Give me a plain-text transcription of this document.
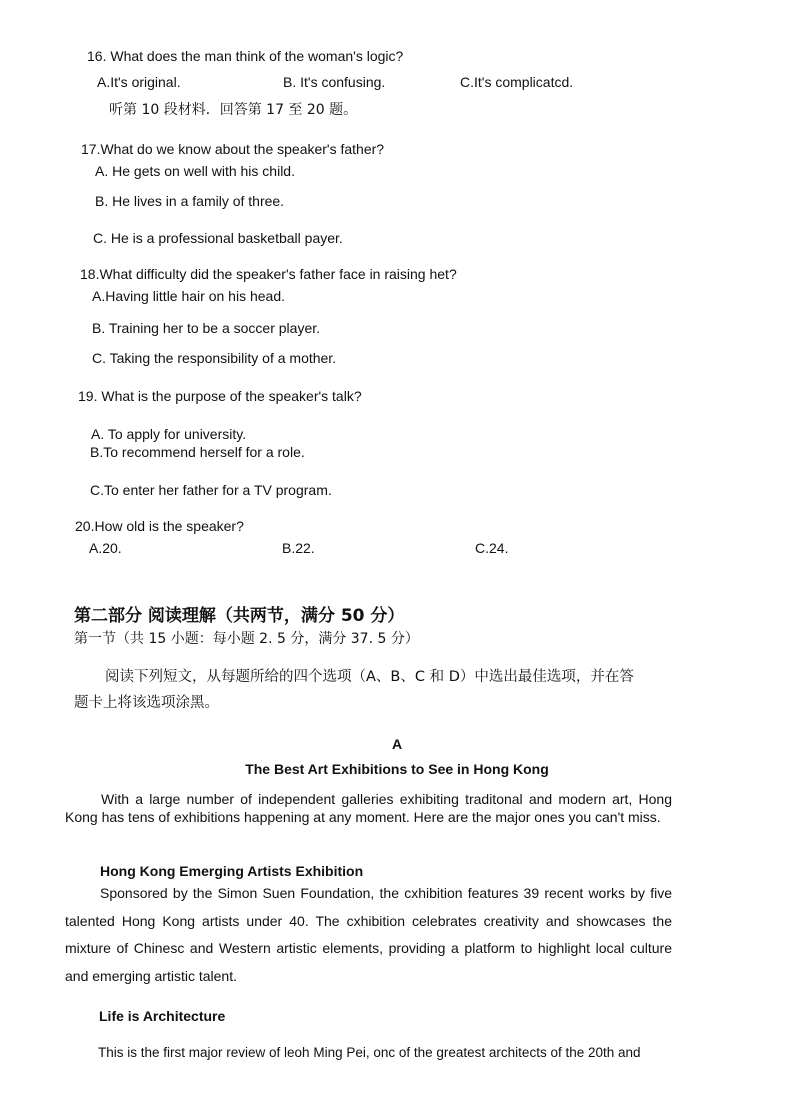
16. What does the man think of the woman's logic?
A.It's original.	B. It's confusing.	C.It's complicatcd.
听第 10 段材料．回答第 17 至 20 题。
17.What do we know about the speaker's father?
A. He gets on well with his child.
B. He lives in a family of three.
C. He is a professional basketball payer.
18.What difficulty did the speaker's father face in raising het?
A.Having little hair on his head.
B. Training her to be a soccer player.
C. Taking the responsibility of a mother.
19. What is the purpose of the speaker's talk?
A. To apply for university.
B.To recommend herself for a role.
C.To enter her father for a TV program.
20.How old is the speaker?
A.20.	B.22.	C.24.
第二部分 阅读理解（共两节，满分 50 分）
第一节（共 15 小题：每小题 2. 5 分，满分 37. 5 分）
阅读下列短文，从每题所给的四个选项（A、B、C 和 D）中选出最佳选项，并在答
题卡上将该选项涂黑。
A
The Best Art Exhibitions to See in Hong Kong

With a large number of independent galleries exhibiting traditonal and modern art, Hong Kong has tens of exhibitions happening at any moment. Here are the major ones you can't miss.

Hong Kong Emerging Artists Exhibition

Sponsored by the Simon Suen Foundation, the cxhibition features 39 recent works by five talented Hong Kong artists under 40. The cxhibition celebrates creativity and showcases the mixture of Chinesc and Western artistic elements, providing a platform to highlight local culture and emerging artistic talent.

Life is Architecture
This is the first major review of leoh Ming Pei, onc of the greatest architects of the 20th and
